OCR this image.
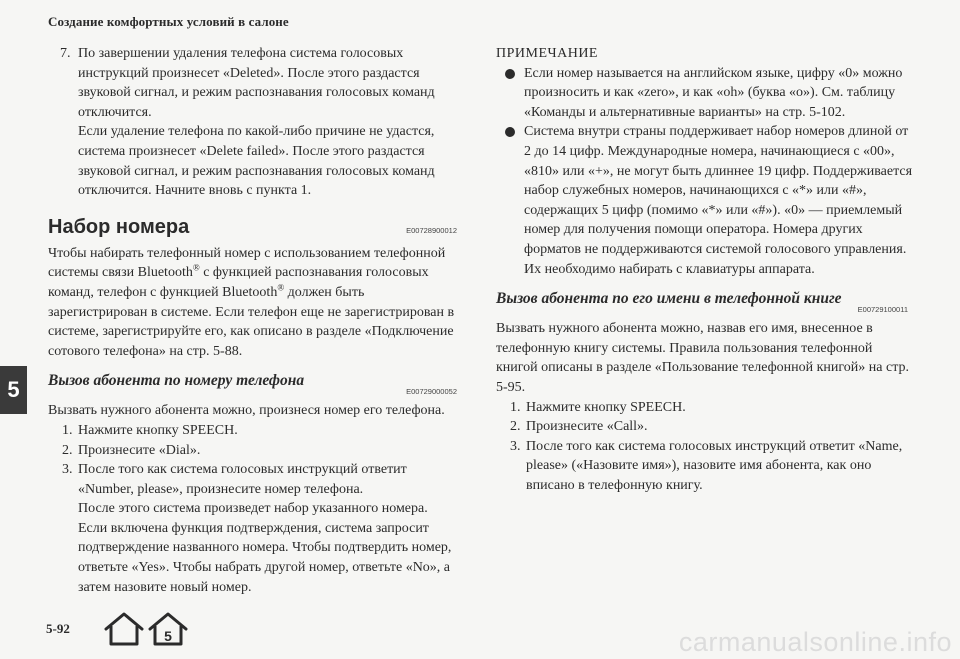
Создание комфортных условий в салоне
7. По завершении удаления телефона система голосовых инструкций произнесет «Deleted». После этого раздастся звуковой сигнал, и режим распознавания голосовых команд отключится.

Если удаление телефона по какой-либо причине не удастся, система произнесет «Delete failed». После этого раздастся звуковой сигнал, и режим распознавания голосовых команд отключится. Начните вновь с пункта 1.

Набор номера	E00728900012

Чтобы набирать телефонный номер с использованием телефонной системы связи Bluetooth® с функцией распознавания голосовых команд, телефон с функцией Bluetooth® должен быть зарегистрирован в системе. Если телефон еще не зарегистрирован в системе, зарегистрируйте его, как описано в разделе «Подключение сотового телефона» на стр. 5-88.

Вызов абонента по номеру телефона
E00729000052

Вызвать нужного абонента можно, произнеся номер его телефона.

1. Нажмите кнопку SPEECH.

2. Произнесите «Dial».

3. После того как система голосовых инструкций ответит «Number, please», произнесите номер телефона.

После этого система произведет набор указанного номера.

Если включена функция подтверждения, система запросит подтверждение названного номера. Чтобы подтвердить номер, ответьте «Yes». Чтобы набрать другой номер, ответьте «No», а затем назовите новый номер.

ПРИМЕЧАНИЕ

Если номер называется на английском языке, цифру «0» можно произносить и как «zero», и как «oh» (буква «o»). См. таблицу «Команды и альтернативные варианты» на стр. 5-102.

Система внутри страны поддерживает набор номеров длиной от 2 до 14 цифр. Международные номера, начинающиеся с «00», «810» или «+», не могут быть длиннее 19 цифр. Поддерживается набор служебных номеров, начинающихся с «*» или «#», содержащих 5 цифр (помимо «*» или «#»). «0» — приемлемый номер для получения помощи оператора. Номера других форматов не поддерживаются системой голосового управления. Их необходимо набирать с клавиатуры аппарата.

Вызов абонента по его имени в телефонной книге
E00729100011

Вызвать нужного абонента можно, назвав его имя, внесенное в телефонную книгу системы. Правила пользования телефонной книгой описаны в разделе «Пользование телефонной книгой» на стр. 5-95.

1. Нажмите кнопку SPEECH.

2. Произнесите «Call».

3. После того как система голосовых инструкций ответит «Name, please» («Назовите имя»), назовите имя абонента, как оно вписано в телефонную книгу.

5
5-92	5	carmanualsonline.info
